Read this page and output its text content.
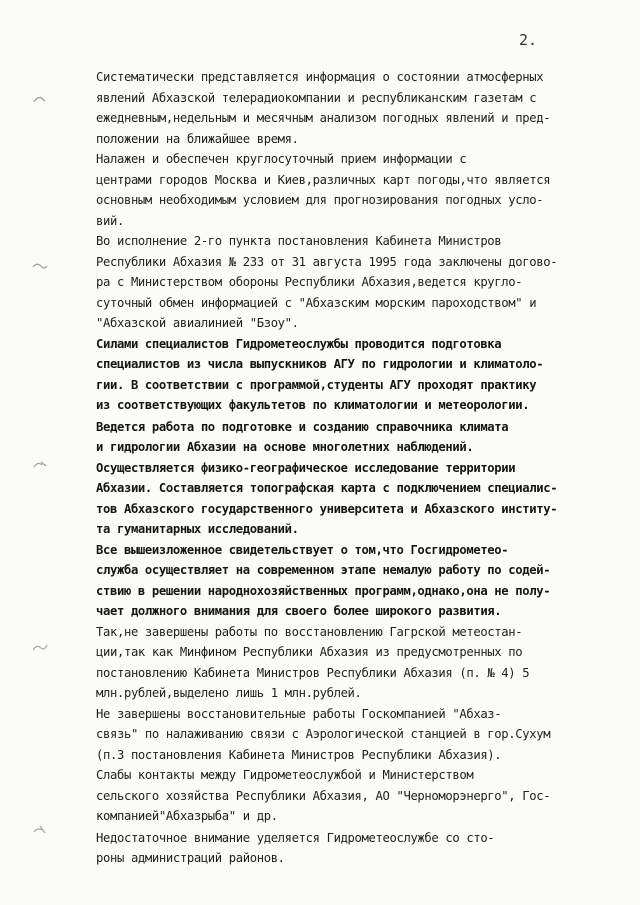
2.

Систематически представляется информация о состоянии атмосферных
явлений Абхазской телерадиокомпании и республиканским газетам с
ежедневным,недельным и месячным анализом погодных явлений и пред-
положении на ближайшее время.

Налажен и обеспечен круглосуточный прием информации с
центрами городов Москва и Киев,различных карт погоды,что является
основным необходимым условием для прогнозирования погодных усло-
вий.

Во исполнение 2-го пункта постановления Кабинета Министров
Республики Абхазия № 233 от 31 августа 1995 года заключены догово-
ра с Министерством обороны Республики Абхазия,ведется кругло-
суточный обмен информацией с "Абхазским морским пароходством" и
"Абхазской авиалинией "Бзоу".

Силами специалистов Гидрометеослужбы проводится подготовка
специалистов из числа выпускников АГУ по гидрологии и климатоло-
гии. В соответствии с программой,студенты АГУ проходят практику
из соответствующих факультетов по климатологии и метеорологии.

Ведется работа по подготовке и созданию справочника климата
и гидрологии Абхазии на основе многолетних наблюдений.

Осуществляется физико-географическое исследование территории
Абхазии. Составляется топографская карта с подключением специалис-
тов Абхазского государственного университета и Абхазского институ-
та гуманитарных исследований.

Все вышеизложенное свидетельствует о том,что Госгидрометео-
служба осуществляет на современном этапе немалую работу по содей-
ствию в решении народнохозяйственных программ,однако,она не полу-
чает должного внимания для своего более широкого развития.

Так,не завершены работы по восстановлению Гагрской метеостан-
ции,так как Минфином Республики Абхазия из предусмотренных по
постановлению Кабинета Министров Республики Абхазия (п. № 4) 5
млн.рублей,выделено лишь 1 млн.рублей.

Не завершены восстановительные работы Госкомпанией "Абхаз-
связь" по налаживанию связи с Аэрологической станцией в гор.Сухум
(п.3 постановления Кабинета Министров Республики Абхазия).

Слабы контакты между Гидрометеослужбой и Министерством
сельского хозяйства Республики Абхазия, АО "Черноморэнерго", Гос-
компанией"Абхазрыба" и др.

Недостаточное внимание уделяется Гидрометеослужбе со сто-
роны администраций районов.
